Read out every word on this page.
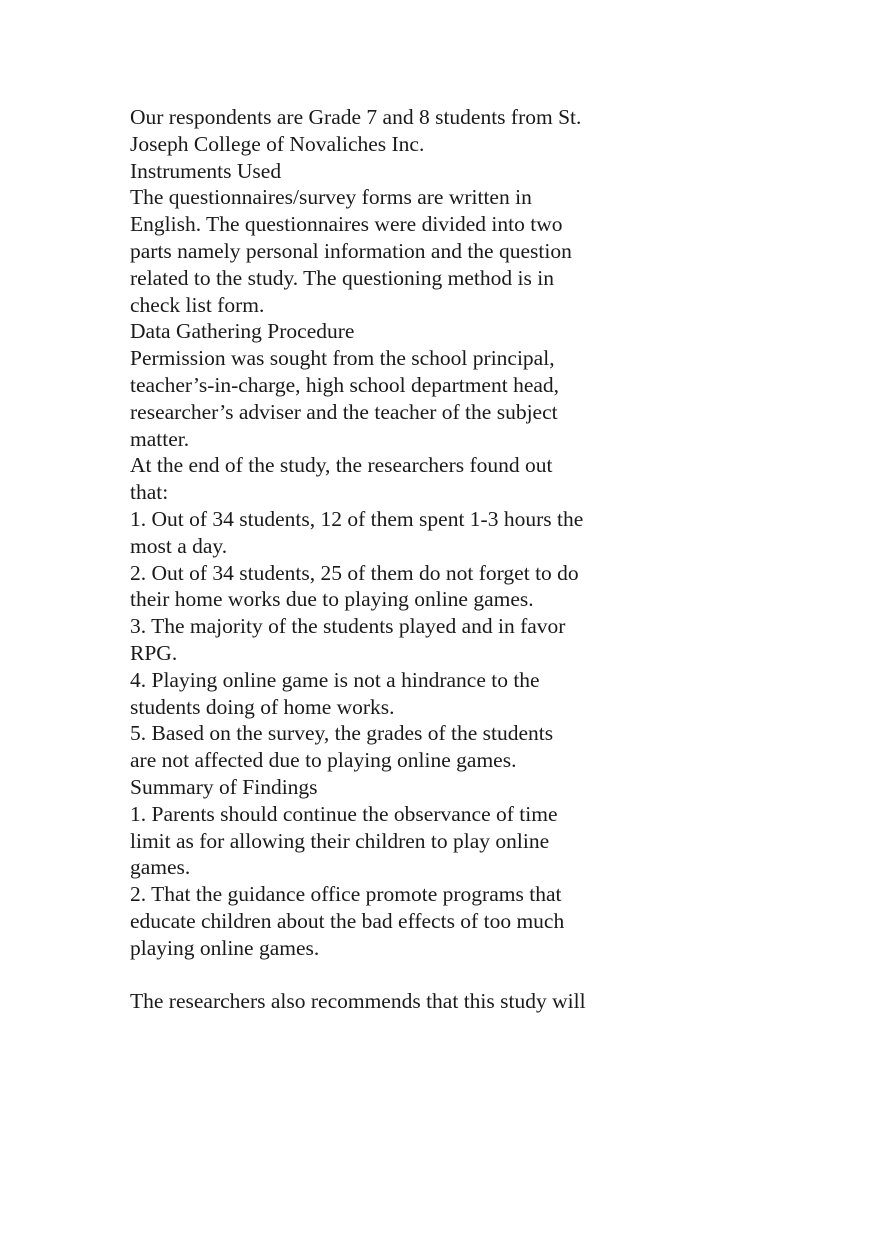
Our respondents are Grade 7 and 8 students from St.
Joseph College of Novaliches Inc.
Instruments Used
The questionnaires/survey forms are written in
English. The questionnaires were divided into two
parts namely personal information and the question
related to the study. The questioning method is in
check list form.
Data Gathering Procedure
Permission was sought from the school principal,
teacher’s-in-charge, high school department head,
researcher’s adviser and the teacher of the subject
matter.
At the end of the study, the researchers found out
that:
1. Out of 34 students, 12 of them spent 1-3 hours the
most a day.
2. Out of 34 students, 25 of them do not forget to do
their home works due to playing online games.
3. The majority of the students played and in favor
RPG.
4. Playing online game is not a hindrance to the
students doing of home works.
5. Based on the survey, the grades of the students
are not affected due to playing online games.
Summary of Findings
1. Parents should continue the observance of time
limit as for allowing their children to play online
games.
2. That the guidance office promote programs that
educate children about the bad effects of too much
playing online games.
The researchers also recommends that this study will
